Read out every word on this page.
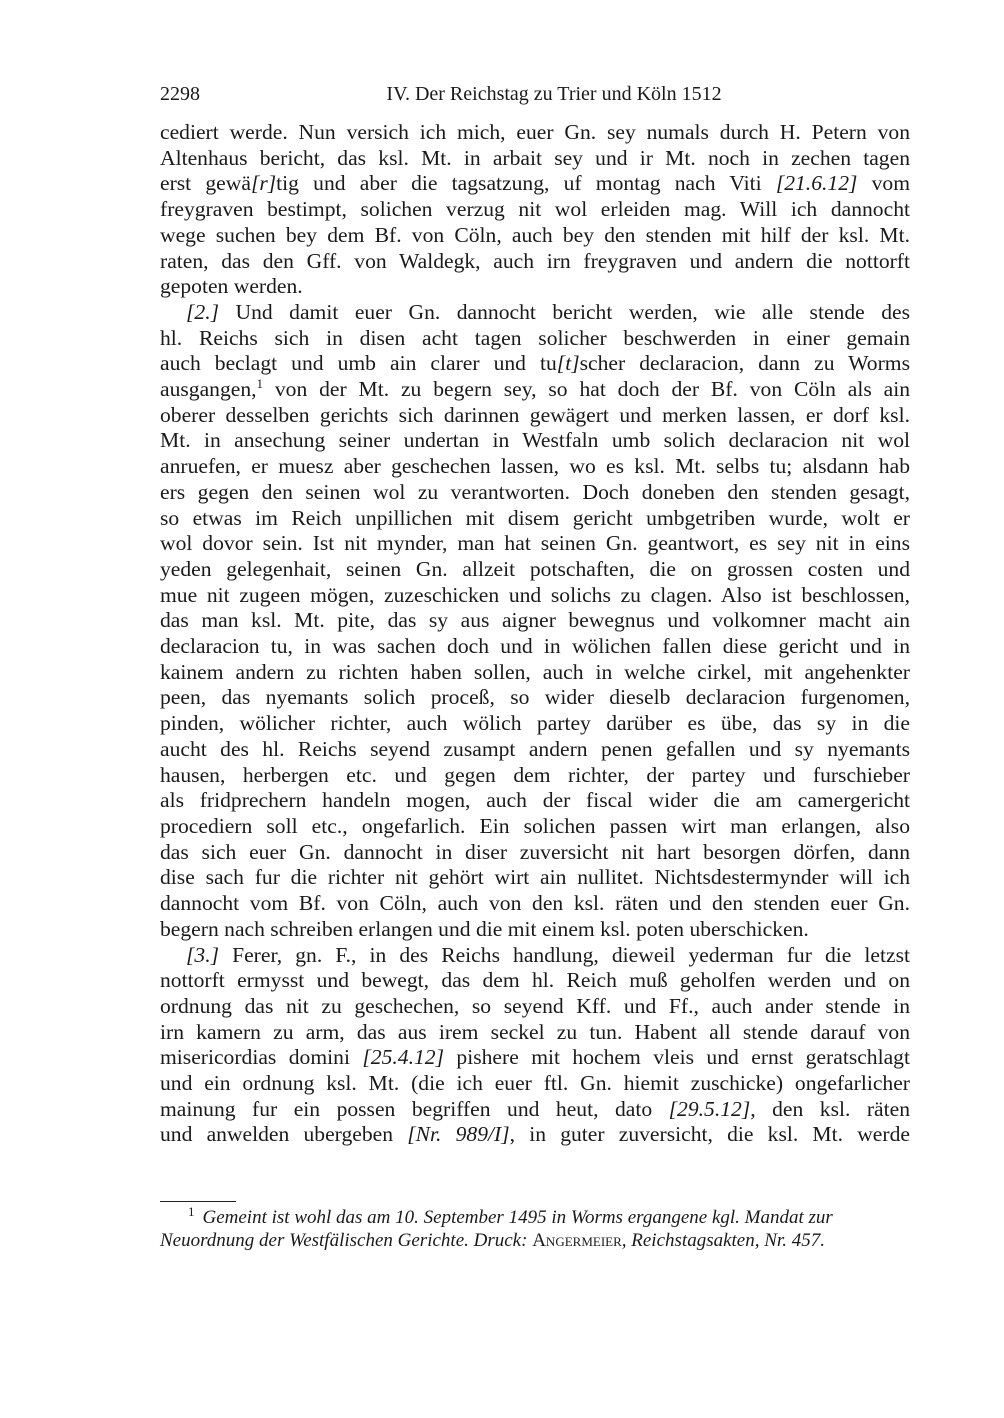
2298	IV. Der Reichstag zu Trier und Köln 1512
cediert werde. Nun versich ich mich, euer Gn. sey numals durch H. Petern von
Altenhaus bericht, das ksl. Mt. in arbait sey und ir Mt. noch in zechen tagen
erst gewä[r]tig und aber die tagsatzung, uf montag nach Viti [21.6.12] vom
freygraven bestimpt, solichen verzug nit wol erleiden mag. Will ich dannocht
wege suchen bey dem Bf. von Cöln, auch bey den stenden mit hilf der ksl. Mt.
raten, das den Gff. von Waldegk, auch irn freygraven und andern die nottorft
gepoten werden.
[2.] Und damit euer Gn. dannocht bericht werden, wie alle stende des
hl. Reichs sich in disen acht tagen solicher beschwerden in einer gemain
auch beclagt und umb ain clarer und tu[t]scher declaracion, dann zu Worms
ausgangen,$^1$ von der Mt. zu begern sey, so hat doch der Bf. von Cöln als ain
oberer desselben gerichts sich darinnen gewägert und merken lassen, er dorf ksl.
Mt. in ansechung seiner undertan in Westfaln umb solich declaracion nit wol
anruefen, er muesz aber geschechen lassen, wo es ksl. Mt. selbs tu; alsdann hab
ers gegen den seinen wol zu verantworten. Doch doneben den stenden gesagt,
so etwas im Reich unpillichen mit disem gericht umbgetriben wurde, wolt er
wol dovor sein. Ist nit mynder, man hat seinen Gn. geantwort, es sey nit in eins
yeden gelegenhait, seinen Gn. allzeit potschaften, die on grossen costen und
mue nit zugeen mögen, zuzeschicken und solichs zu clagen. Also ist beschlossen,
das man ksl. Mt. pite, das sy aus aigner bewegnus und volkomner macht ain
declaracion tu, in was sachen doch und in wölichen fallen diese gericht und in
kainem andern zu richten haben sollen, auch in welche cirkel, mit angehenkter
peen, das nyemants solich proceß, so wider dieselb declaracion furgenomen,
pinden, wölicher richter, auch wölich partey darüber es übe, das sy in die
aucht des hl. Reichs seyend zusampt andern penen gefallen und sy nyemants
hausen, herbergen etc. und gegen dem richter, der partey und furschieber
als fridprechern handeln mogen, auch der fiscal wider die am camergericht
procediern soll etc., ongefarlich. Ein solichen passen wirt man erlangen, also
das sich euer Gn. dannocht in diser zuversicht nit hart besorgen dörfen, dann
dise sach fur die richter nit gehört wirt ain nullitet. Nichtsdestermynder will ich
dannocht vom Bf. von Cöln, auch von den ksl. räten und den stenden euer Gn.
begern nach schreiben erlangen und die mit einem ksl. poten uberschicken.
[3.] Ferer, gn. F., in des Reichs handlung, dieweil yederman fur die letzst
nottorft ermysst und bewegt, das dem hl. Reich muß geholfen werden und on
ordnung das nit zu geschechen, so seyend Kff. und Ff., auch ander stende in
irn kamern zu arm, das aus irem seckel zu tun. Habent all stende darauf von
misericordias domini [25.4.12] pishere mit hochem vleis und ernst geratschlagt
und ein ordnung ksl. Mt. (die ich euer ftl. Gn. hiemit zuschicke) ongefarlicher
mainung fur ein possen begriffen und heut, dato [29.5.12], den ksl. räten
und anwelden ubergeben [Nr. 989/I], in guter zuversicht, die ksl. Mt. werde
$^1$ Gemeint ist wohl das am 10. September 1495 in Worms ergangene kgl. Mandat zur
Neuordnung der Westfälischen Gerichte. Druck: Angermeier, Reichstagsakten, Nr. 457.
